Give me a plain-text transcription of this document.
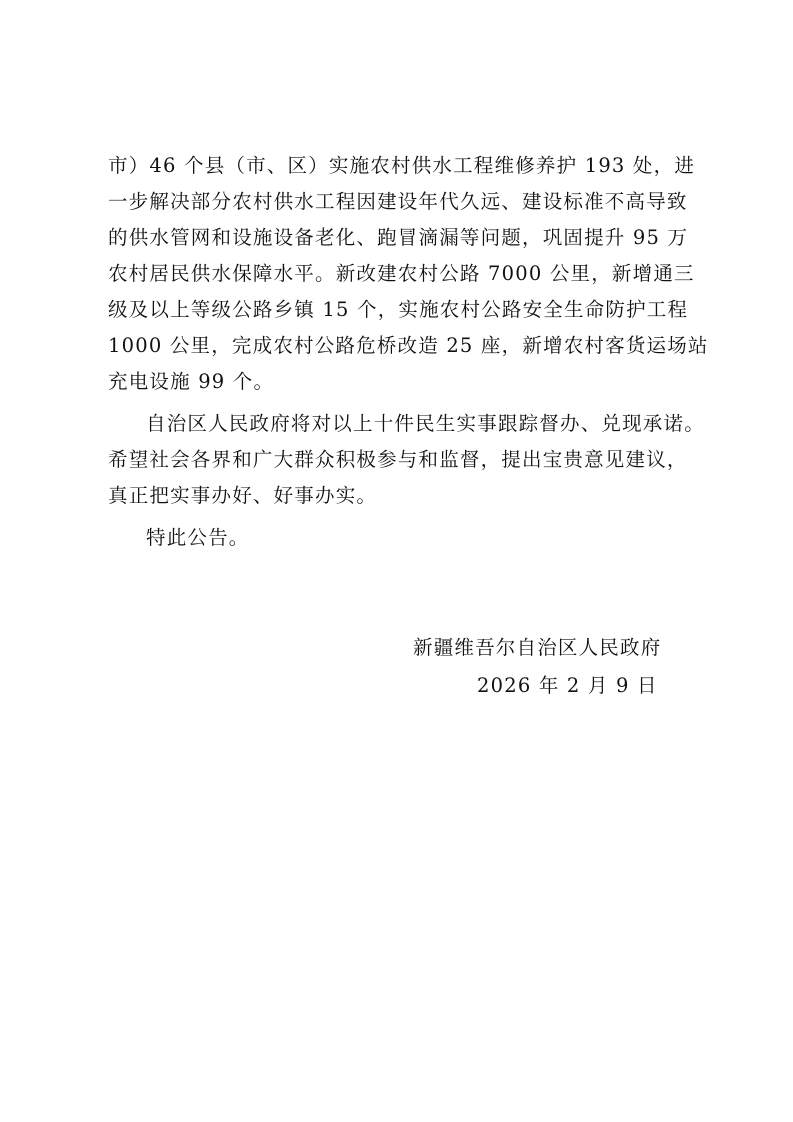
市）46 个县（市、区）实施农村供水工程维修养护 193 处，进
一步解决部分农村供水工程因建设年代久远、建设标准不高导致
的供水管网和设施设备老化、跑冒滴漏等问题，巩固提升 95 万
农村居民供水保障水平。新改建农村公路 7000 公里，新增通三
级及以上等级公路乡镇 15 个，实施农村公路安全生命防护工程
1000 公里，完成农村公路危桥改造 25 座，新增农村客货运场站
充电设施 99 个。
自治区人民政府将对以上十件民生实事跟踪督办、兑现承诺。
希望社会各界和广大群众积极参与和监督，提出宝贵意见建议，
真正把实事办好、好事办实。
特此公告。
新疆维吾尔自治区人民政府
2026 年 2 月 9 日
